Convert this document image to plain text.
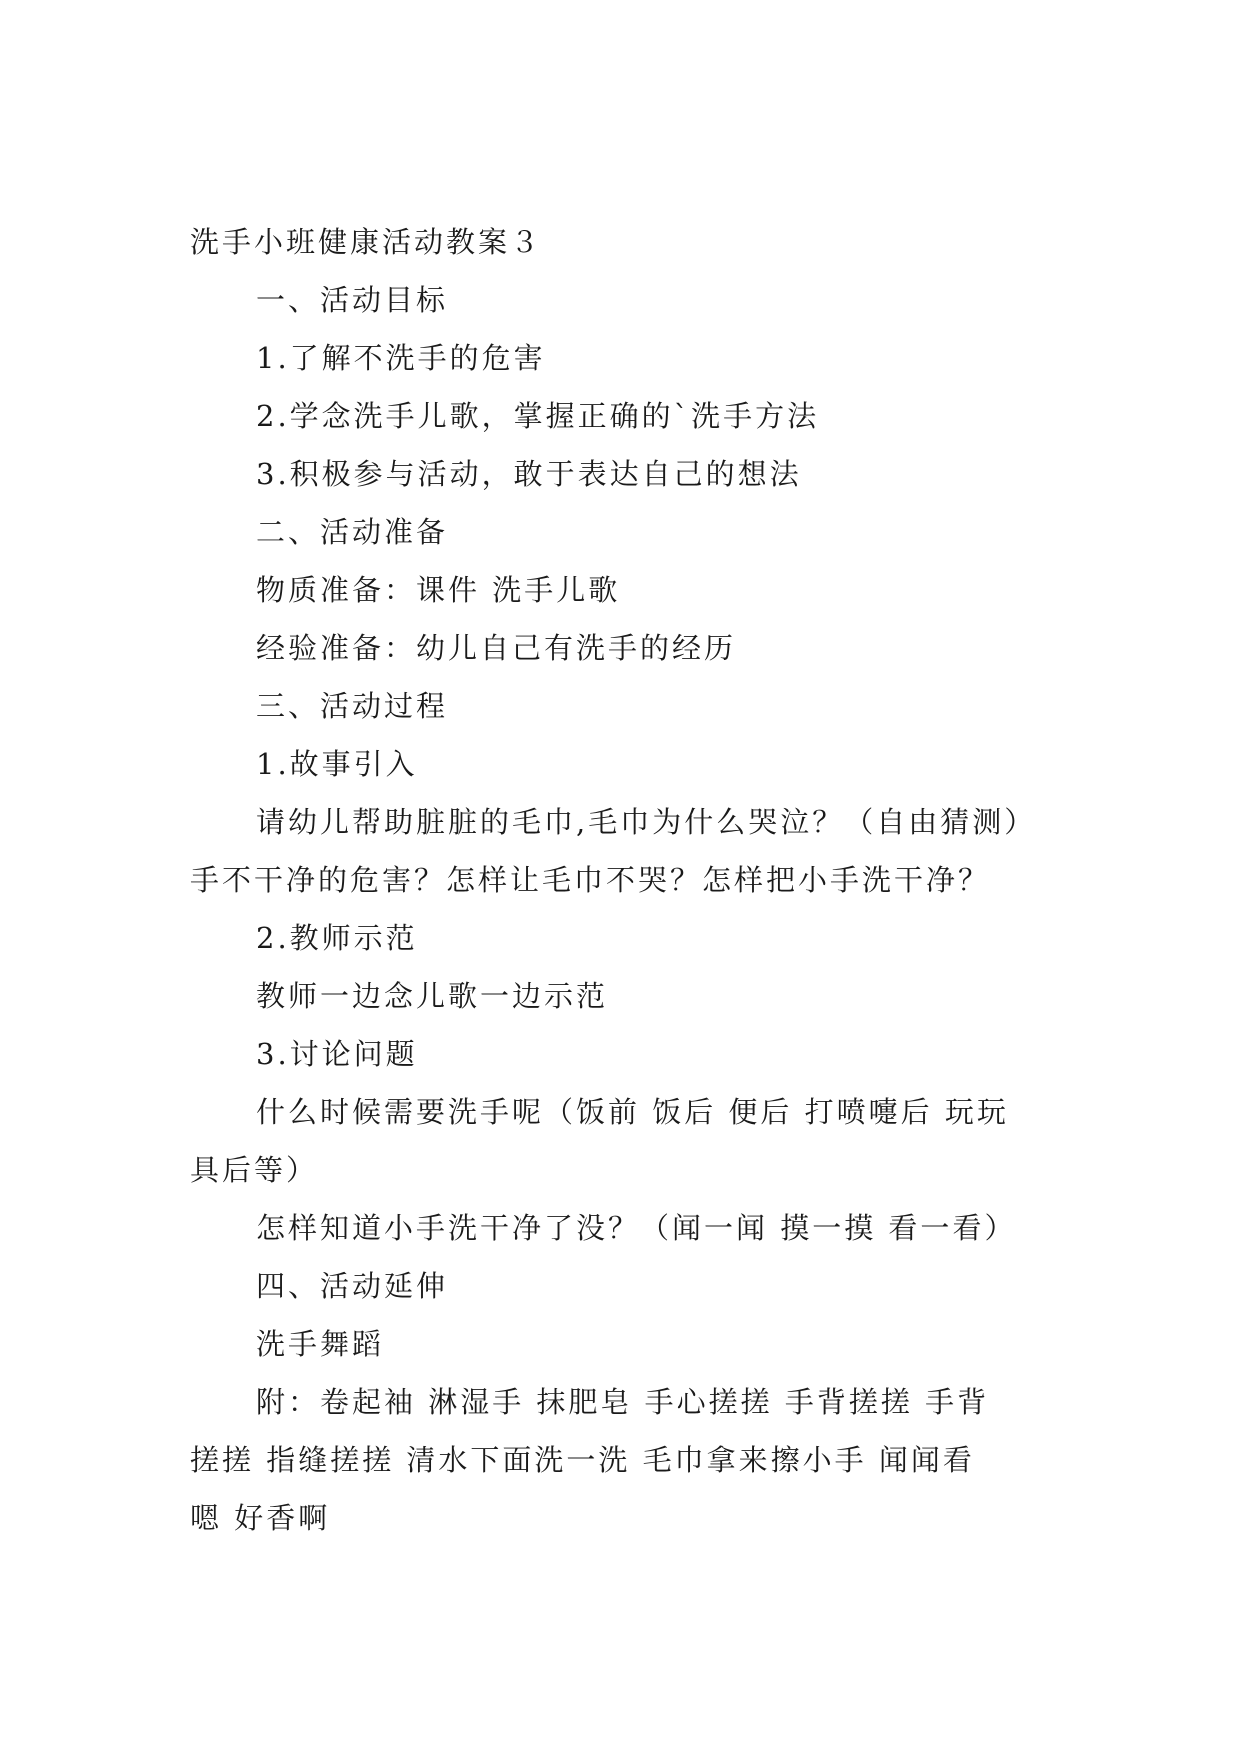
洗手小班健康活动教案３
一、活动目标
1.了解不洗手的危害
2.学念洗手儿歌，掌握正确的`洗手方法
3.积极参与活动，敢于表达自己的想法
二、活动准备
物质准备：课件 洗手儿歌
经验准备：幼儿自己有洗手的经历
三、活动过程
1.故事引入
请幼儿帮助脏脏的毛巾,毛巾为什么哭泣？（自由猜测）
手不干净的危害？怎样让毛巾不哭？怎样把小手洗干净？
2.教师示范
教师一边念儿歌一边示范
3.讨论问题
什么时候需要洗手呢（饭前 饭后 便后 打喷嚏后 玩玩
具后等）
怎样知道小手洗干净了没？（闻一闻 摸一摸 看一看）
四、活动延伸
洗手舞蹈
附：卷起袖 淋湿手 抹肥皂 手心搓搓 手背搓搓 手背
搓搓 指缝搓搓 清水下面洗一洗 毛巾拿来擦小手 闻闻看
嗯 好香啊
